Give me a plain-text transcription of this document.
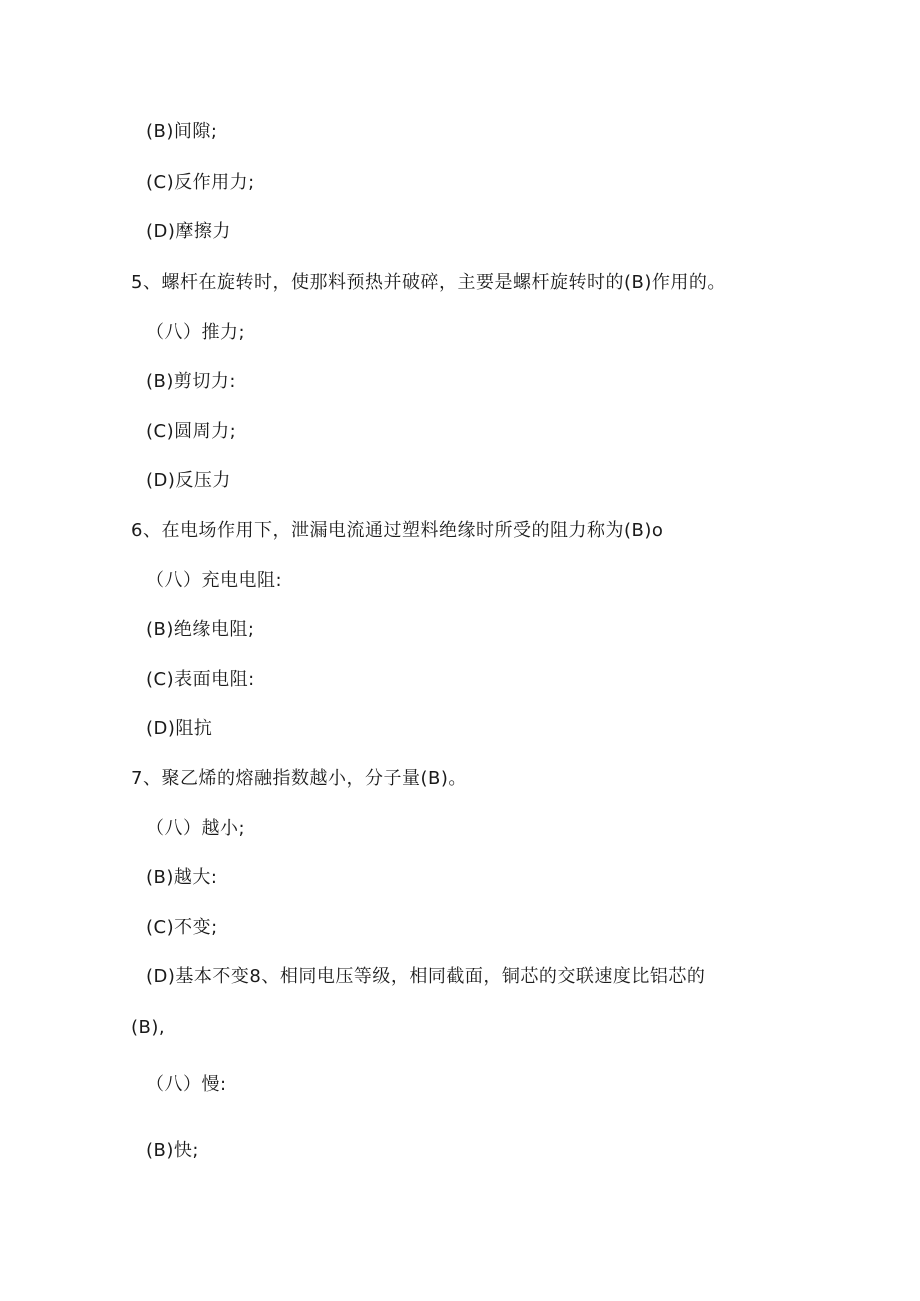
(B)间隙;
(C)反作用力;
(D)摩擦力
5、螺杆在旋转时，使那料预热并破碎，主要是螺杆旋转时的(B)作用的。
（八）推力;
(B)剪切力:
(C)圆周力;
(D)反压力
6、在电场作用下，泄漏电流通过塑料绝缘时所受的阻力称为(B)o
（八）充电电阻:
(B)绝缘电阻;
(C)表面电阻:
(D)阻抗
7、聚乙烯的熔融指数越小，分子量(B)。
（八）越小;
(B)越大:
(C)不变;
(D)基本不变8、相同电压等级，相同截面，铜芯的交联速度比铝芯的
(B),
（八）慢:
(B)快;
